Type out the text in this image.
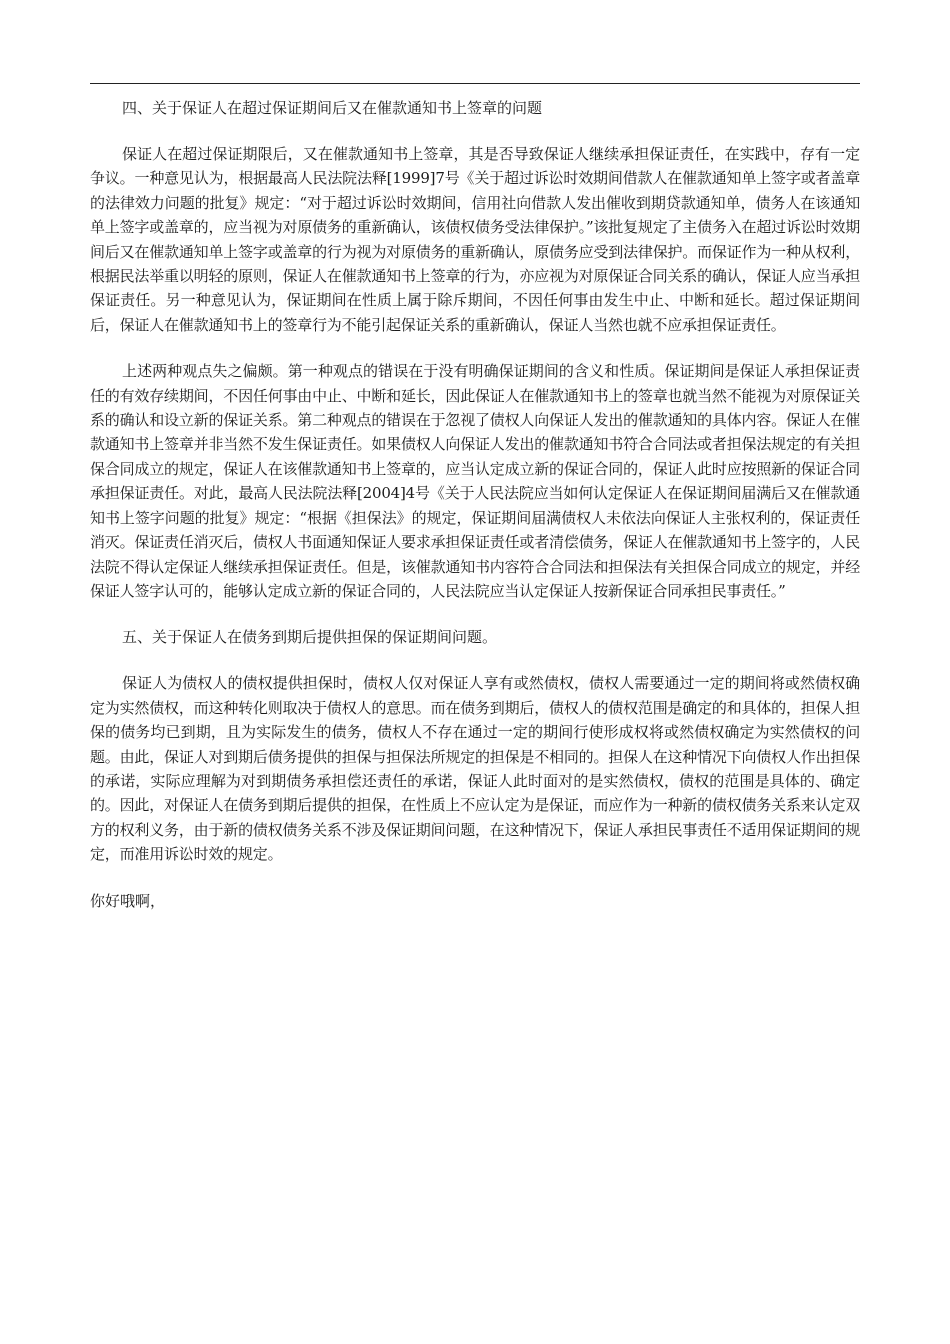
四、关于保证人在超过保证期间后又在催款通知书上签章的问题

保证人在超过保证期限后，又在催款通知书上签章，其是否导致保证人继续承担保证责任，在实践中，存有一定争议。一种意见认为，根据最高人民法院法释[1999]7号《关于超过诉讼时效期间借款人在催款通知单上签字或者盖章的法律效力问题的批复》规定：“对于超过诉讼时效期间，信用社向借款人发出催收到期贷款通知单，债务人在该通知单上签字或盖章的，应当视为对原债务的重新确认，该债权债务受法律保护。”该批复规定了主债务入在超过诉讼时效期间后又在催款通知单上签字或盖章的行为视为对原债务的重新确认，原债务应受到法律保护。而保证作为一种从权利，根据民法举重以明轻的原则，保证人在催款通知书上签章的行为，亦应视为对原保证合同关系的确认，保证人应当承担保证责任。另一种意见认为，保证期间在性质上属于除斥期间，不因任何事由发生中止、中断和延长。超过保证期间后，保证人在催款通知书上的签章行为不能引起保证关系的重新确认，保证人当然也就不应承担保证责任。

上述两种观点失之偏颇。第一种观点的错误在于没有明确保证期间的含义和性质。保证期间是保证人承担保证责任的有效存续期间，不因任何事由中止、中断和延长，因此保证人在催款通知书上的签章也就当然不能视为对原保证关系的确认和设立新的保证关系。第二种观点的错误在于忽视了债权人向保证人发出的催款通知的具体内容。保证人在催款通知书上签章并非当然不发生保证责任。如果债权人向保证人发出的催款通知书符合合同法或者担保法规定的有关担保合同成立的规定，保证人在该催款通知书上签章的，应当认定成立新的保证合同的，保证人此时应按照新的保证合同承担保证责任。对此，最高人民法院法释[2004]4号《关于人民法院应当如何认定保证人在保证期间届满后又在催款通知书上签字问题的批复》规定：“根据《担保法》的规定，保证期间届满债权人未依法向保证人主张权利的，保证责任消灭。保证责任消灭后，债权人书面通知保证人要求承担保证责任或者清偿债务，保证人在催款通知书上签字的，人民法院不得认定保证人继续承担保证责任。但是，该催款通知书内容符合合同法和担保法有关担保合同成立的规定，并经保证人签字认可的，能够认定成立新的保证合同的，人民法院应当认定保证人按新保证合同承担民事责任。”

五、关于保证人在债务到期后提供担保的保证期间问题。

保证人为债权人的债权提供担保时，债权人仅对保证人享有或然债权，债权人需要通过一定的期间将或然债权确定为实然债权，而这种转化则取决于债权人的意思。而在债务到期后，债权人的债权范围是确定的和具体的，担保人担保的债务均已到期，且为实际发生的债务，债权人不存在通过一定的期间行使形成权将或然债权确定为实然债权的问题。由此，保证人对到期后债务提供的担保与担保法所规定的担保是不相同的。担保人在这种情况下向债权人作出担保的承诺，实际应理解为对到期债务承担偿还责任的承诺，保证人此时面对的是实然债权，债权的范围是具体的、确定的。因此，对保证人在债务到期后提供的担保，在性质上不应认定为是保证，而应作为一种新的债权债务关系来认定双方的权利义务，由于新的债权债务关系不涉及保证期间问题，在这种情况下，保证人承担民事责任不适用保证期间的规定，而准用诉讼时效的规定。

你好哦啊，
